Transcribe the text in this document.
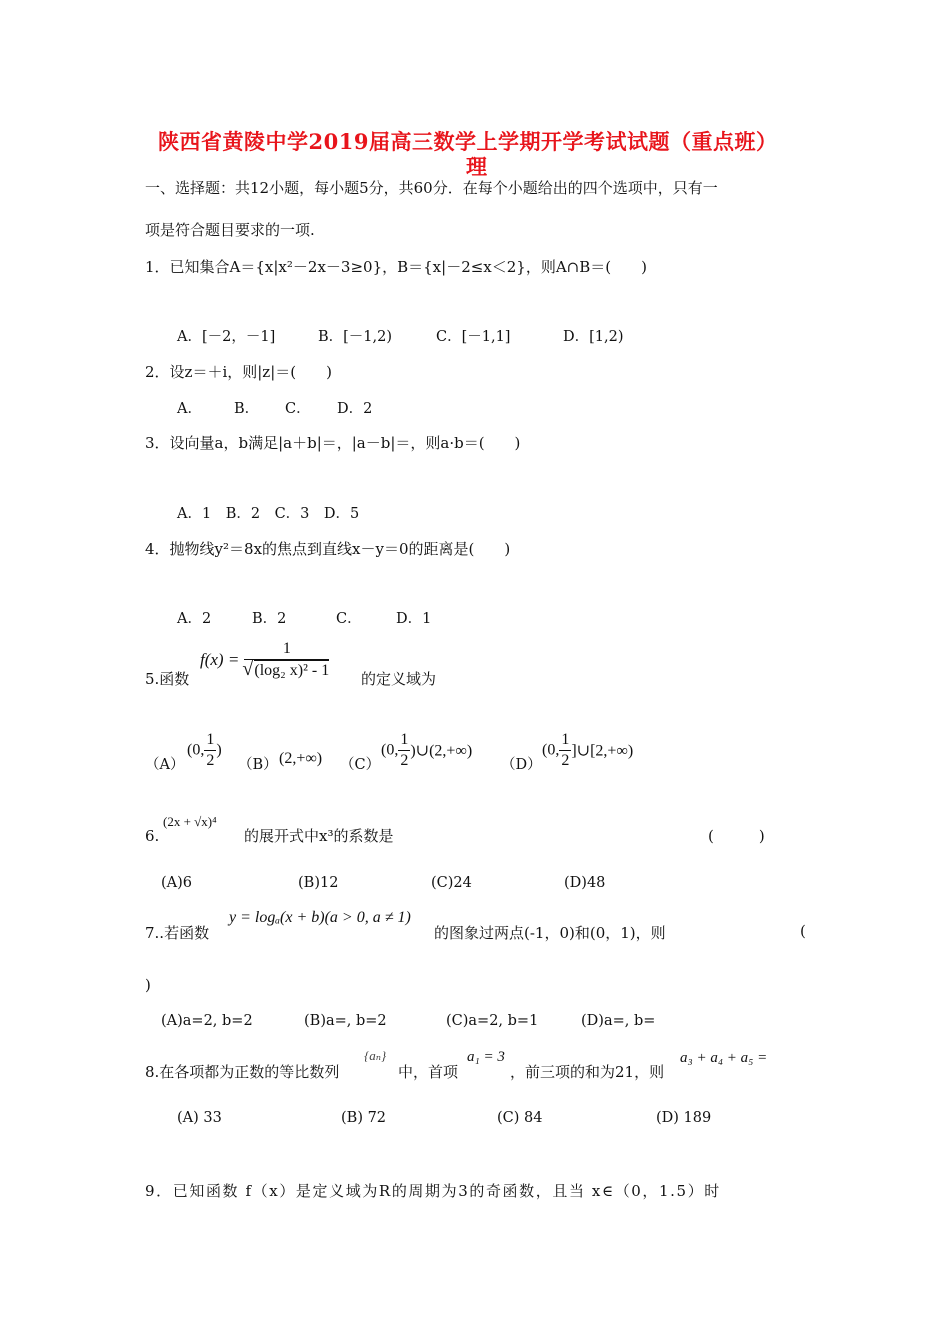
陕西省黄陵中学2019届高三数学上学期开学考试试题（重点班）
理
一、选择题：共12小题，每小题5分，共60分．在每个小题给出的四个选项中，只有一
项是符合题目要求的一项.
1．已知集合A＝{x|x²－2x－3≥0}，B＝{x|－2≤x＜2}，则A∩B＝(　　)
A．[－2，－1]	B．[－1,2)	C．[－1,1]	D．[1,2)
2．设z＝＋i，则|z|＝(　　)
A． B． C． D．2
3．设向量a，b满足|a＋b|＝，|a－b|＝，则a·b＝(　　)
A．1　B．2　C．3　D．5
4．抛物线y²＝8x的焦点到直线x－y＝0的距离是(　　)
A．2	B．2	C． D．1
5.函数
$f(x) = \frac{1}{\text{√ (log₂ x)² - 1}}$ 的定义域为
（A）
(0, $\frac{1}{2}$ )
（B） (2,+∞) （C）
(0, $\frac{1}{2}$ )∪(2,+∞)
（D）
(0, $\frac{1}{2}$ ]∪[2,+∞)
6.
(2x + √x)⁴
的展开式中x³的系数是	(　　　)
(A)6	(B)12	(C)24	(D)48
7..若函数
y = logₐ(x + b)(a > 0, a ≠ 1)
的图象过两点(-1，0)和(0，1)，则	(
)
(A)a=2, b=2	(B)a=, b=2	(C)a=2, b=1	(D)a=, b=
8.在各项都为正数的等比数列
{aₙ}
中，首项
a₁ = 3
，前三项的和为21，则
a₃ + a₄ + a₅ =
(A) 33	(B) 72	(C) 84	(D) 189
9．已知函数 f（x）是定义域为R的周期为3的奇函数，且当 x∈（0，1.5）时
